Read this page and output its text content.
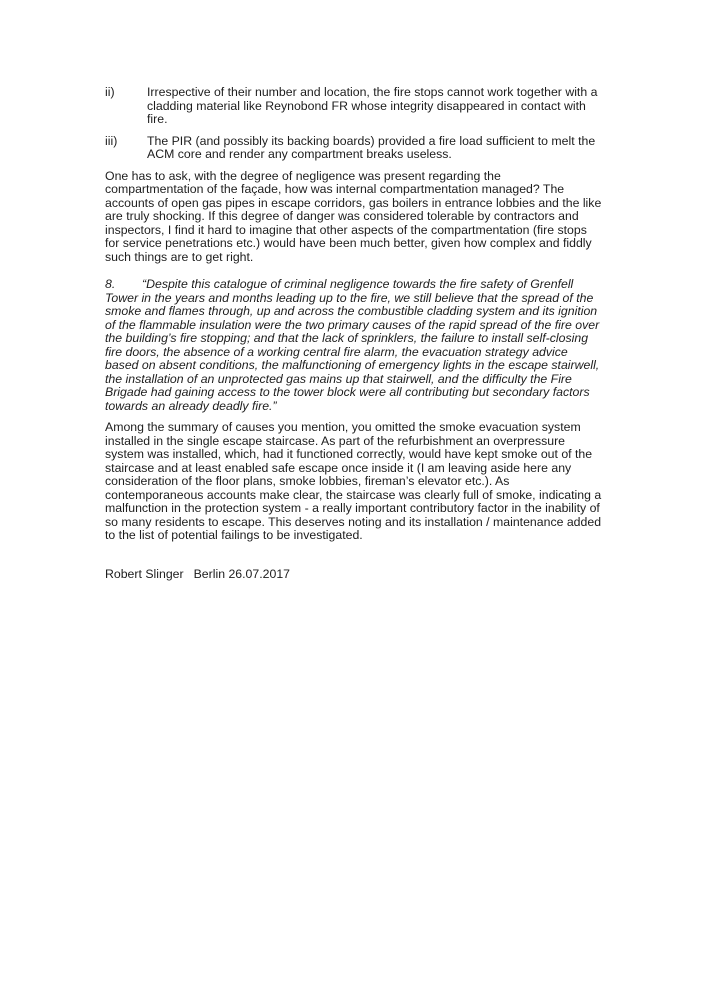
ii)	Irrespective of their number and location, the fire stops cannot work together with a cladding material like Reynobond FR whose integrity disappeared in contact with fire.
iii) The PIR (and possibly its backing boards) provided a fire load sufficient to melt the ACM core and render any compartment breaks useless.

One has to ask, with the degree of negligence was present regarding the compartmentation of the façade, how was internal compartmentation managed? The accounts of open gas pipes in escape corridors, gas boilers in entrance lobbies and the like are truly shocking. If this degree of danger was considered tolerable by contractors and inspectors, I find it hard to imagine that other aspects of the compartmentation (fire stops for service penetrations etc.) would have been much better, given how complex and fiddly such things are to get right.

8. “Despite this catalogue of criminal negligence towards the fire safety of Grenfell Tower in the years and months leading up to the fire, we still believe that the spread of the smoke and flames through, up and across the combustible cladding system and its ignition of the flammable insulation were the two primary causes of the rapid spread of the fire over the building’s fire stopping; and that the lack of sprinklers, the failure to install self-closing fire doors, the absence of a working central fire alarm, the evacuation strategy advice based on absent conditions, the malfunctioning of emergency lights in the escape stairwell, the installation of an unprotected gas mains up that stairwell, and the difficulty the Fire Brigade had gaining access to the tower block were all contributing but secondary factors towards an already deadly fire.”

Among the summary of causes you mention, you omitted the smoke evacuation system installed in the single escape staircase. As part of the refurbishment an overpressure system was installed, which, had it functioned correctly, would have kept smoke out of the staircase and at least enabled safe escape once inside it (I am leaving aside here any consideration of the floor plans, smoke lobbies, fireman’s elevator etc.). As contemporaneous accounts make clear, the staircase was clearly full of smoke, indicating a malfunction in the protection system - a really important contributory factor in the inability of so many residents to escape. This deserves noting and its installation / maintenance added to the list of potential failings to be investigated.

Robert Slinger Berlin 26.07.2017
